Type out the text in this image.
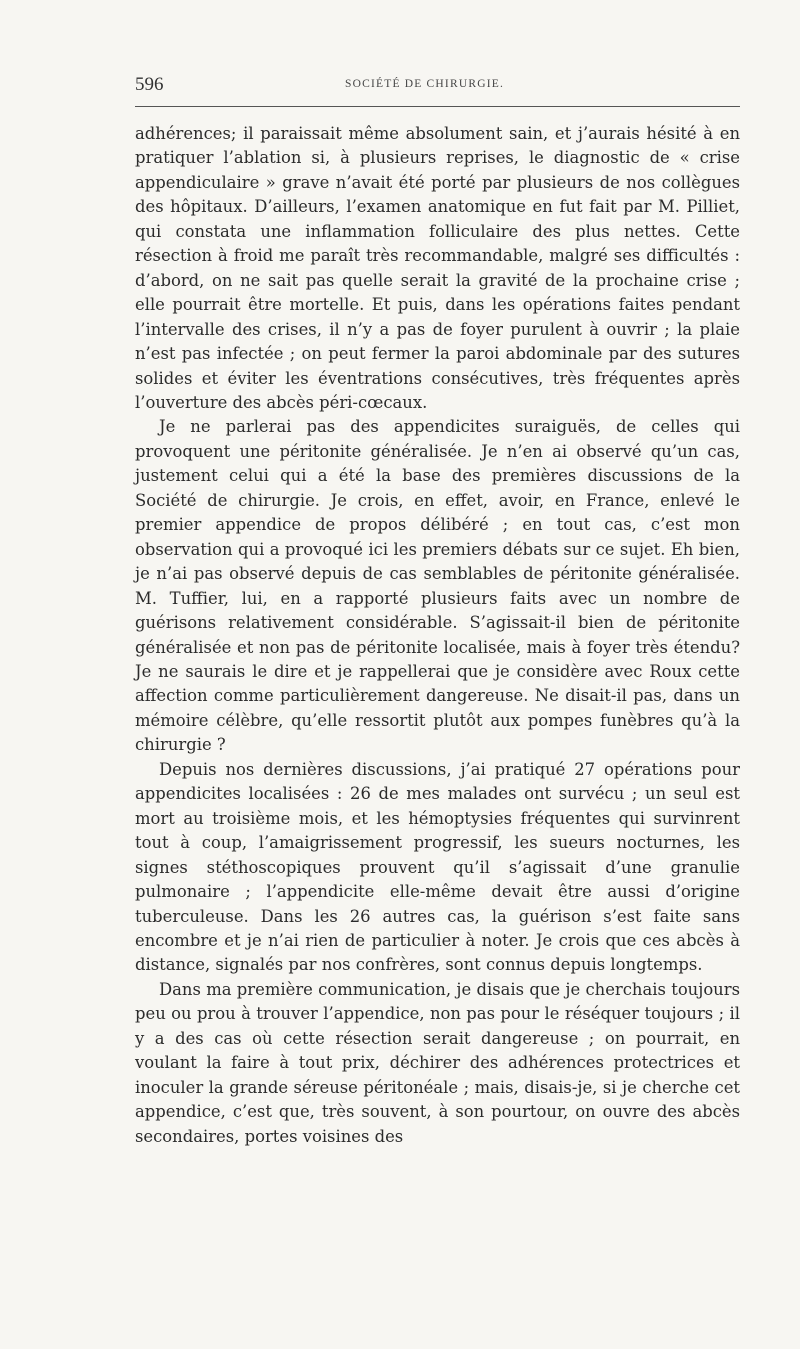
596	SOCIÉTÉ DE CHIRURGIE.

adhérences; il paraissait même absolument sain, et j’aurais hésité à en pratiquer l’ablation si, à plusieurs reprises, le diagnostic de « crise appendiculaire » grave n’avait été porté par plusieurs de nos collègues des hôpitaux. D’ailleurs, l’examen anatomique en fut fait par M. Pilliet, qui constata une inflammation folliculaire des plus nettes. Cette résection à froid me paraît très recommandable, malgré ses difficultés : d’abord, on ne sait pas quelle serait la gravité de la prochaine crise ; elle pourrait être mortelle. Et puis, dans les opérations faites pendant l’intervalle des crises, il n’y a pas de foyer purulent à ouvrir ; la plaie n’est pas infectée ; on peut fermer la paroi abdominale par des sutures solides et éviter les éventrations consécutives, très fréquentes après l’ouverture des abcès péri-cœcaux.

Je ne parlerai pas des appendicites suraiguës, de celles qui provoquent une péritonite généralisée. Je n’en ai observé qu’un cas, justement celui qui a été la base des premières discussions de la Société de chirurgie. Je crois, en effet, avoir, en France, enlevé le premier appendice de propos délibéré ; en tout cas, c’est mon observation qui a provoqué ici les premiers débats sur ce sujet. Eh bien, je n’ai pas observé depuis de cas semblables de péritonite généralisée. M. Tuffier, lui, en a rapporté plusieurs faits avec un nombre de guérisons relativement considérable. S’agissait-il bien de péritonite généralisée et non pas de péritonite localisée, mais à foyer très étendu? Je ne saurais le dire et je rappellerai que je considère avec Roux cette affection comme particulièrement dangereuse. Ne disait-il pas, dans un mémoire célèbre, qu’elle ressortit plutôt aux pompes funèbres qu’à la chirurgie ?

Depuis nos dernières discussions, j’ai pratiqué 27 opérations pour appendicites localisées : 26 de mes malades ont survécu ; un seul est mort au troisième mois, et les hémoptysies fréquentes qui survinrent tout à coup, l’amaigrissement progressif, les sueurs nocturnes, les signes stéthoscopiques prouvent qu’il s’agissait d’une granulie pulmonaire ; l’appendicite elle-même devait être aussi d’origine tuberculeuse. Dans les 26 autres cas, la guérison s’est faite sans encombre et je n’ai rien de particulier à noter. Je crois que ces abcès à distance, signalés par nos confrères, sont connus depuis longtemps.

Dans ma première communication, je disais que je cherchais toujours peu ou prou à trouver l’appendice, non pas pour le réséquer toujours ; il y a des cas où cette résection serait dangereuse ; on pourrait, en voulant la faire à tout prix, déchirer des adhérences protectrices et inoculer la grande séreuse péritonéale ; mais, disais-je, si je cherche cet appendice, c’est que, très souvent, à son pourtour, on ouvre des abcès secondaires, portes voisines des
